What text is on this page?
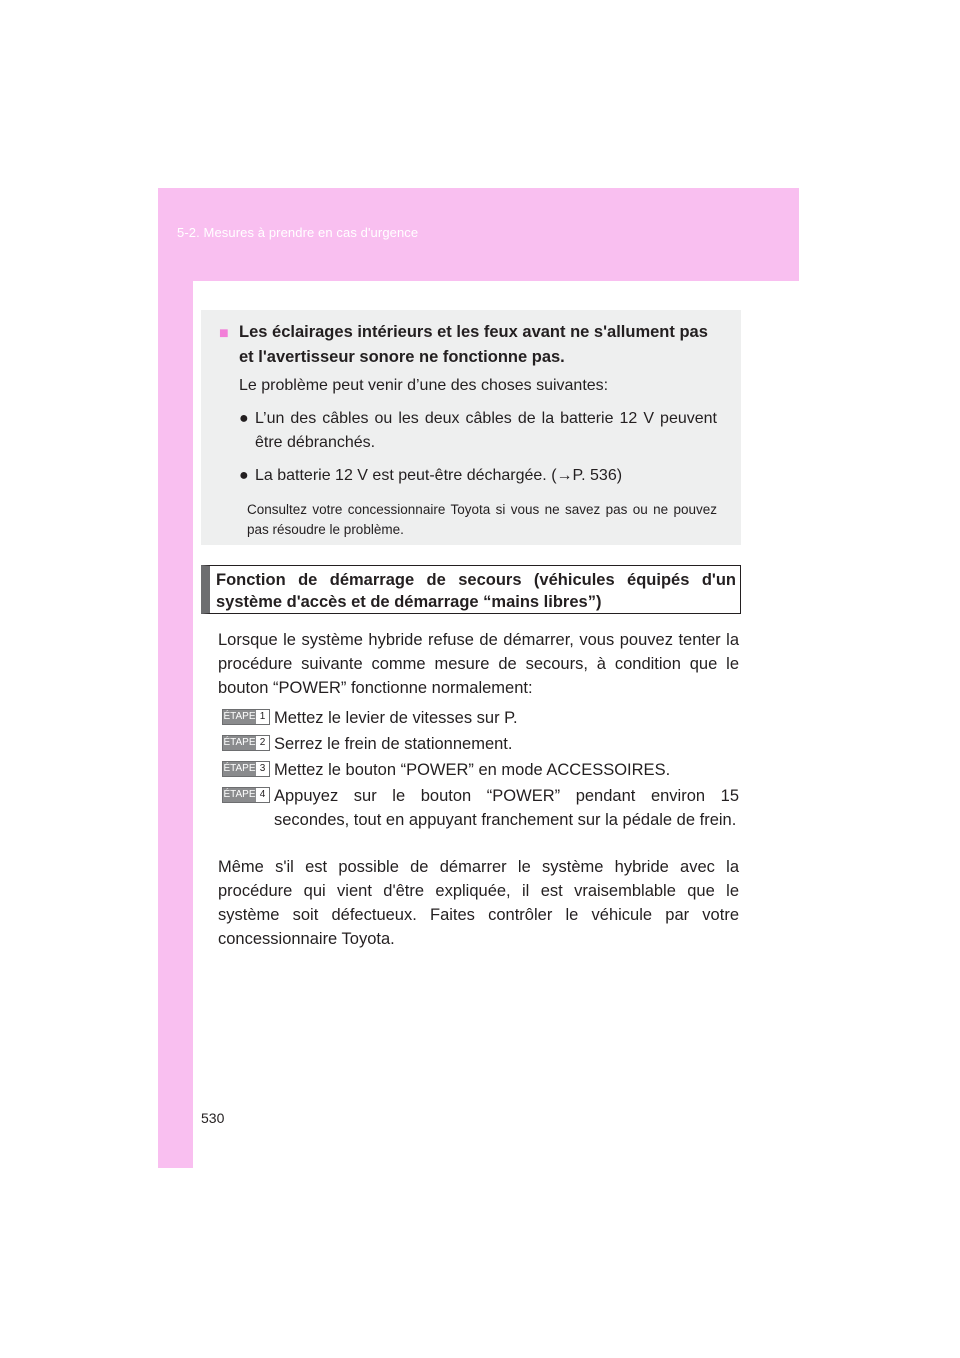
5-2. Mesures à prendre en cas d'urgence
■ Les éclairages intérieurs et les feux avant ne s'allument pas et l'avertisseur sonore ne fonctionne pas.
Le problème peut venir d’une des choses suivantes:
● L’un des câbles ou les deux câbles de la batterie 12 V peuvent être débranchés.
● La batterie 12 V est peut-être déchargée. (→P. 536)
Consultez votre concessionnaire Toyota si vous ne savez pas ou ne pouvez pas résoudre le problème.
Fonction de démarrage de secours (véhicules équipés d'un système d'accès et de démarrage “mains libres”)
Lorsque le système hybride refuse de démarrer, vous pouvez tenter la procédure suivante comme mesure de secours, à condition que le bouton “POWER” fonctionne normalement:
ÉTAPE 1 Mettez le levier de vitesses sur P.
ÉTAPE 2 Serrez le frein de stationnement.
ÉTAPE 3 Mettez le bouton “POWER” en mode ACCESSOIRES.
ÉTAPE 4 Appuyez sur le bouton “POWER” pendant environ 15 secondes, tout en appuyant franchement sur la pédale de frein.
Même s'il est possible de démarrer le système hybride avec la procédure qui vient d'être expliquée, il est vraisemblable que le système soit défectueux. Faites contrôler le véhicule par votre concessionnaire Toyota.
530
